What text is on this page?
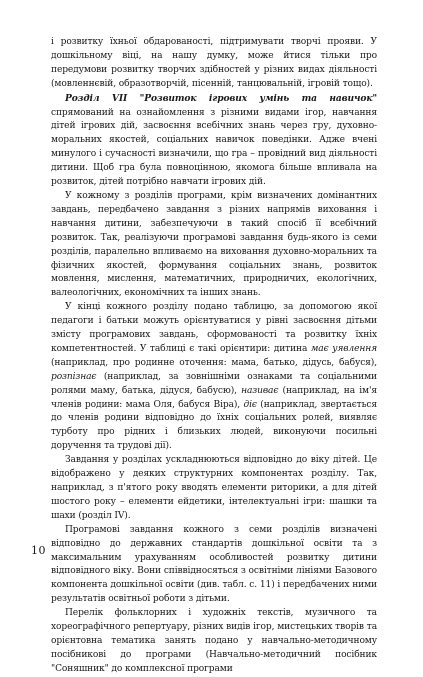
і розвитку їхньої обдарованості, підтримувати творчі прояви. У дошкільному віці, на нашу думку, може йтися тільки про передумови розвитку творчих здібностей у різних видах діяльності (мовленнєвій, образотворчій, пісенній, танцювальній, ігровій тощо).

Розділ VII "Розвиток ігрових умінь та навичок" спрямований на ознайомлення з різними видами ігор, навчання дітей ігрових дій, засвоєння всебічних знань через гру, духовно-моральних якостей, соціальних навичок поведінки. Адже вчені минулого і сучасності визначили, що гра – провідний вид діяльності дитини. Щоб гра була повноцінною, якомога більше впливала на розвиток, дітей потрібно навчати ігрових дій.

У кожному з розділів програми, крім визначених домінантних завдань, передбачено завдання з різних напрямів виховання і навчання дитини, забезпечуючи в такий спосіб її всебічний розвиток. Так, реалізуючи програмові завдання будь-якого із семи розділів, паралельно впливаємо на виховання духовно-моральних та фізичних якостей, формування соціальних знань, розвиток мовлення, мислення, математичних, природничих, екологічних, валеологічних, економічних та інших знань.

У кінці кожного розділу подано таблицю, за допомогою якої педагоги і батьки можуть орієнтуватися у рівні засвоєння дітьми змісту програмових завдань, сформованості та розвитку їхніх компетентностей. У таблиці є такі орієнтири: дитина має уявлення (наприклад, про родинне оточення: мама, батько, дідусь, бабуся), розпізнає (наприклад, за зовнішніми ознаками та соціальними ролями маму, батька, дідуся, бабусю), називає (наприклад, на ім'я членів родини: мама Оля, бабуся Віра), діє (наприклад, звертається до членів родини відповідно до їхніх соціальних ролей, виявляє турботу про рідних і близьких людей, виконуючи посильні доручення та трудові дії).

Завдання у розділах ускладнюються відповідно до віку дітей. Це відображено у деяких структурних компонентах розділу. Так, наприклад, з п'ятого року вводять елементи риторики, а для дітей шостого року – елементи ейдетики, інтелектуальні ігри: шашки та шахи (розділ IV).

Програмові завдання кожного з семи розділів визначені відповідно до державних стандартів дошкільної освіти та з максимальним урахуванням особливостей розвитку дитини відповідного віку. Вони співвідносяться з освітніми лініями Базового компонента дошкільної освіти (див. табл. с. 11) і передбачених ними результатів освітньої роботи з дітьми.

Перелік фольклорних і художніх текстів, музичного та хореографічного репертуару, різних видів ігор, мистецьких творів та орієнтовна тематика занять подано у навчально-методичному посібникові до програми (Навчально-методичний посібник "Соняшник" до комплексної програми

10
